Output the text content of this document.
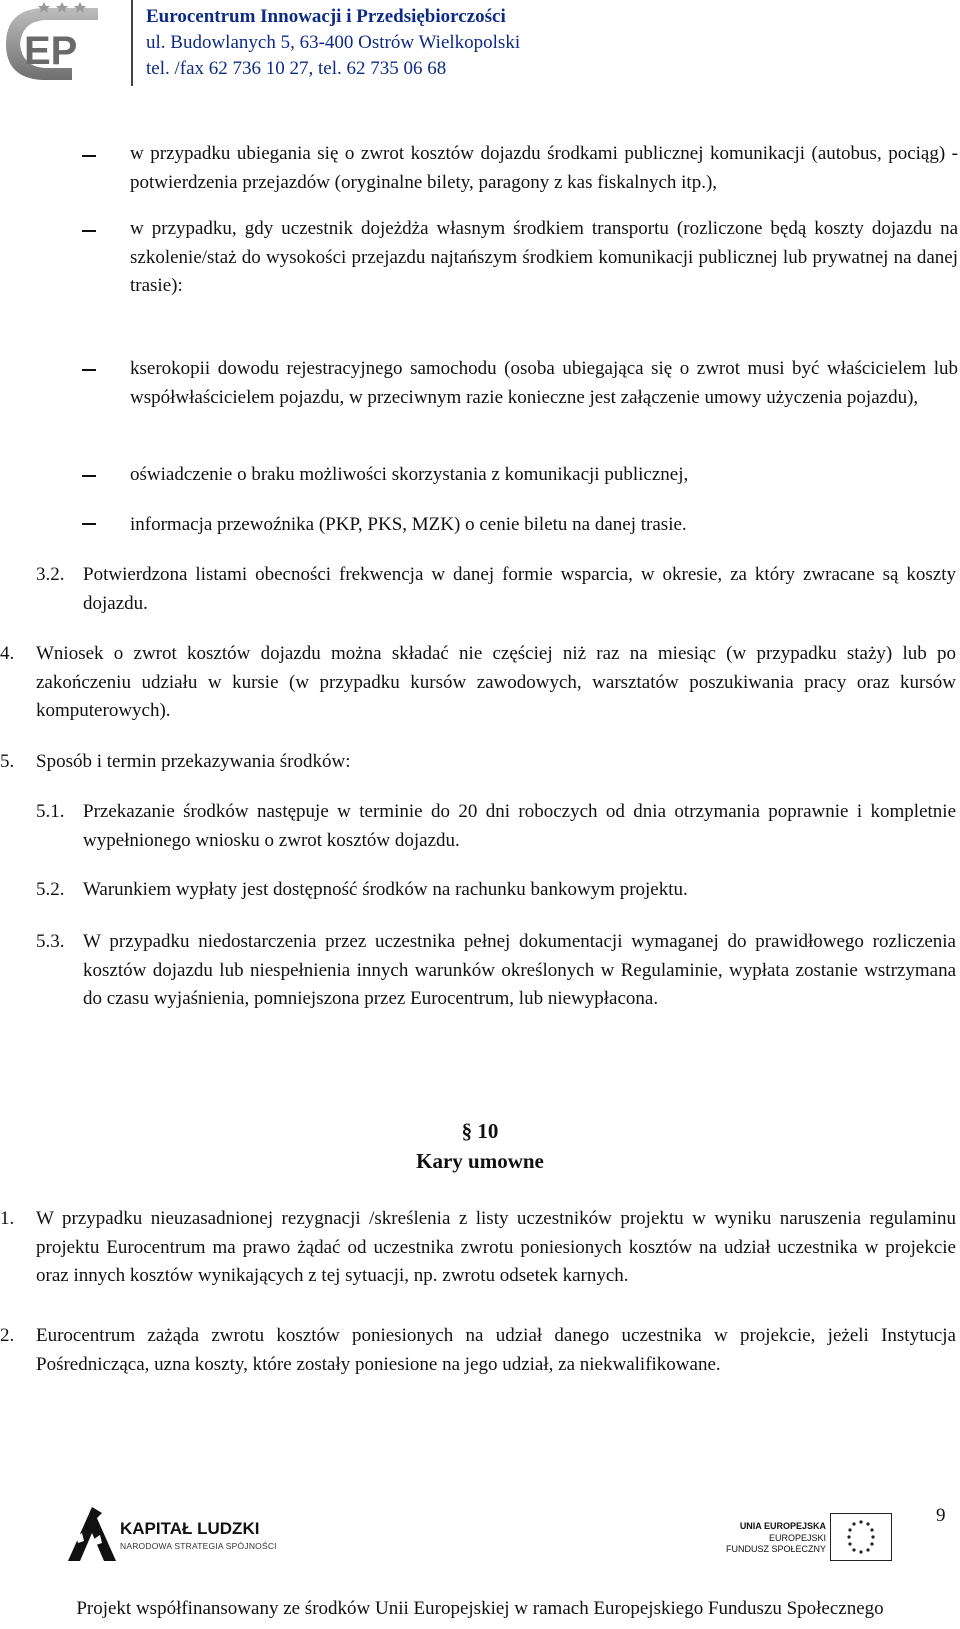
EP
Eurocentrum Innowacji i Przedsiębiorczości
ul. Budowlanych 5, 63-400 Ostrów Wielkopolski
tel. /fax 62 736 10 27, tel. 62 735 06 68
w przypadku ubiegania się o zwrot kosztów dojazdu środkami publicznej komunikacji (autobus, pociąg) - potwierdzenia przejazdów (oryginalne bilety, paragony z kas fiskalnych itp.),
w przypadku, gdy uczestnik dojeżdża własnym środkiem transportu (rozliczone będą koszty dojazdu na szkolenie/staż do wysokości przejazdu najtańszym środkiem komunikacji publicznej lub prywatnej na danej trasie):
kserokopii dowodu rejestracyjnego samochodu (osoba ubiegająca się o zwrot musi być właścicielem lub współwłaścicielem pojazdu, w przeciwnym razie konieczne jest załączenie umowy użyczenia pojazdu),
oświadczenie o braku możliwości skorzystania z komunikacji publicznej,
informacja przewoźnika (PKP, PKS, MZK) o cenie biletu na danej trasie.
3.2. Potwierdzona listami obecności frekwencja w danej formie wsparcia, w okresie, za który zwracane są koszty dojazdu.
4.	Wniosek o zwrot kosztów dojazdu można składać nie częściej niż raz na miesiąc (w przypadku staży) lub po zakończeniu udziału w kursie (w przypadku kursów zawodowych, warsztatów poszukiwania pracy oraz kursów komputerowych).
5.	Sposób i termin przekazywania środków:
5.1. Przekazanie środków następuje w terminie do 20 dni roboczych od dnia otrzymania poprawnie i kompletnie wypełnionego wniosku o zwrot kosztów dojazdu.
5.2. Warunkiem wypłaty jest dostępność środków na rachunku bankowym projektu.
5.3. W przypadku niedostarczenia przez uczestnika pełnej dokumentacji wymaganej do prawidłowego rozliczenia kosztów dojazdu lub niespełnienia innych warunków określonych w Regulaminie, wypłata zostanie wstrzymana do czasu wyjaśnienia, pomniejszona przez Eurocentrum, lub niewypłacona.
§ 10
Kary umowne
1.	W przypadku nieuzasadnionej rezygnacji /skreślenia z listy uczestników projektu w wyniku naruszenia regulaminu projektu Eurocentrum ma prawo żądać od uczestnika zwrotu poniesionych kosztów na udział uczestnika w projekcie oraz innych kosztów wynikających z tej sytuacji, np. zwrotu odsetek karnych.
2.	Eurocentrum zażąda zwrotu kosztów poniesionych na udział danego uczestnika w projekcie, jeżeli Instytucja Pośrednicząca, uzna koszty, które zostały poniesione na jego udział, za niekwalifikowane.
9
KAPITAŁ LUDZKI
NARODOWA STRATEGIA SPÓJNOŚCI
UNIA EUROPEJSKA
EUROPEJSKI
FUNDUSZ SPOŁECZNY
Projekt współfinansowany ze środków Unii Europejskiej w ramach Europejskiego Funduszu Społecznego
